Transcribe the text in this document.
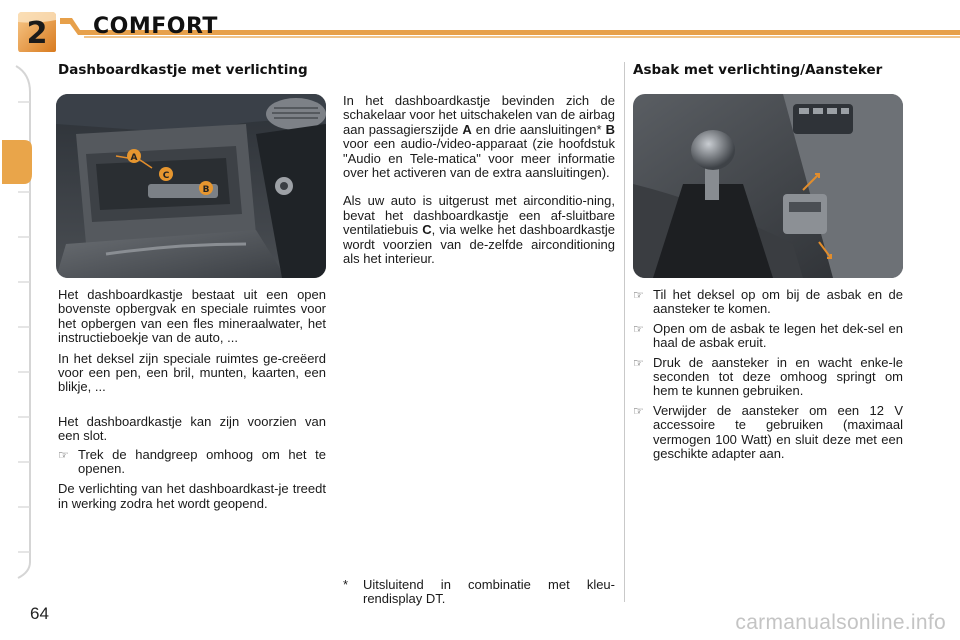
2 COMFORT
Dashboardkastje met verlichting
A
C
B

Het dashboardkastje bestaat uit een open bovenste opbergvak en speciale ruimtes voor het opbergen van een fles mineraalwater, het instructieboekje van de auto, ...

In het deksel zijn speciale ruimtes ge-creëerd voor een pen, een bril, munten, kaarten, een blikje, ...

Het dashboardkastje kan zijn voorzien van een slot.

☞ Trek de handgreep omhoog om het te openen.

De verlichting van het dashboardkast-je treedt in werking zodra het wordt geopend.

In het dashboardkastje bevinden zich de schakelaar voor het uitschakelen van de airbag aan passagierszijde A en drie aansluitingen* B voor een audio-/video-apparaat (zie hoofdstuk "Audio en Tele-matica" voor meer informatie over het activeren van de extra aansluitingen).

Als uw auto is uitgerust met airconditio-ning, bevat het dashboardkastje een af-sluitbare ventilatiebuis C, via welke het dashboardkastje wordt voorzien van de-zelfde airconditioning als het interieur.

*	Uitsluitend in combinatie met kleu-rendisplay DT.
Asbak met verlichting/Aansteker
☞ Til het deksel op om bij de asbak en de aansteker te komen.
☞ Open om de asbak te legen het dek-sel en haal de asbak eruit.
☞ Druk de aansteker in en wacht enke-le seconden tot deze omhoog springt om hem te kunnen gebruiken.
☞ Verwijder de aansteker om een 12 V accessoire te gebruiken (maximaal vermogen 100 Watt) en sluit deze met een geschikte adapter aan.
64	carmanualsonline.info
